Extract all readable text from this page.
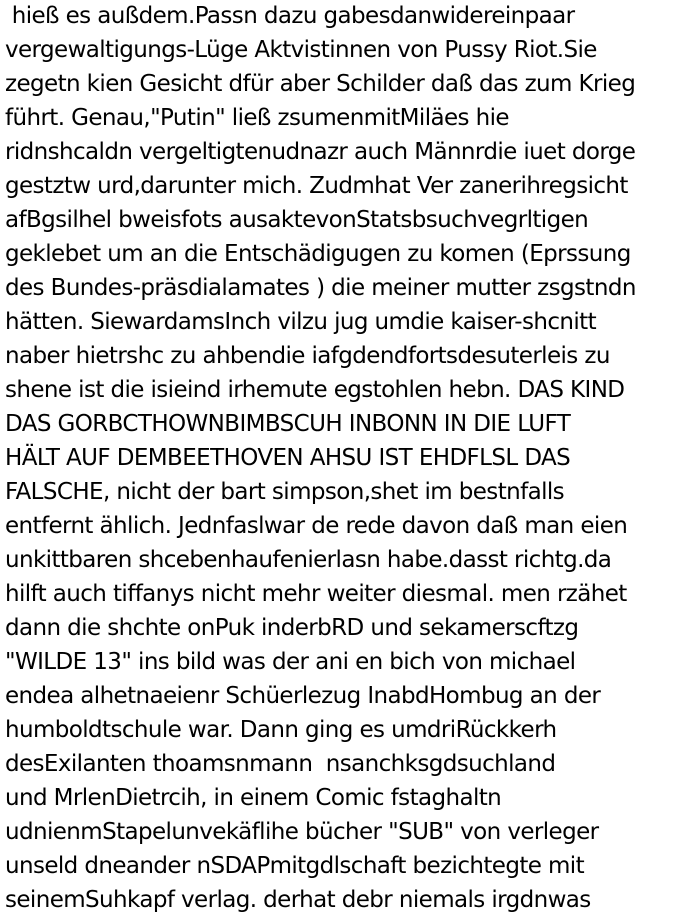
hieß es außdem.Passn dazu gabesdanwidereinpaar

vergewaltigungs-Lüge Aktvistinnen von Pussy Riot.Sie

zegetn kien Gesicht dfür aber Schilder daß das zum Krieg

führt. Genau,"Putin" ließ zsumenmitMiläes hie

ridnshcaldn vergeltigtenudnazr auch Männrdie iuet dorge

gestztw urd,darunter mich. Zudmhat Ver zanerihregsicht

afBgsilhel bweisfots ausaktevonStatsbsuchvegrltigen

geklebet um an die Entschädigugen zu komen (Eprssung

des Bundes-präsdialamates ) die meiner mutter zsgstndn

hätten. SiewardamsInch vilzu jug umdie kaiser-shcnitt

naber hietrshc zu ahbendie iafgdendfortsdesuterleis zu

shene ist die isieind irhemute egstohlen hebn. DAS KIND

DAS GORBCTHOWNBIMBSCUH INBONN IN DIE LUFT

HÄLT AUF DEMBEETHOVEN AHSU IST EHDFLSL DAS

FALSCHE, nicht der bart simpson,shet im bestnfalls

entfernt ählich. Jednfaslwar de rede davon daß man eien

unkittbaren shcebenhaufenierlasn habe.dasst richtg.da

hilft auch tiffanys nicht mehr weiter diesmal. men rzähet

dann die shchte onPuk inderbRD und sekamerscftzg

"WILDE 13" ins bild was der ani en bich von michael

endea alhetnaeienr Schüerlezug InabdHombug an der

humboldtschule war. Dann ging es umdriRückkerh

desExilanten thoamsnmann  nsanchksgdsuchland

und MrlenDietrcih, in einem Comic fstaghaltn

udnienmStapelunvekäflihe bücher "SUB" von verleger

unseld dneander nSDAPmitgdlschaft bezichtegte mit

seinemSuhkapf verlag. derhat debr niemals irgdnwas
